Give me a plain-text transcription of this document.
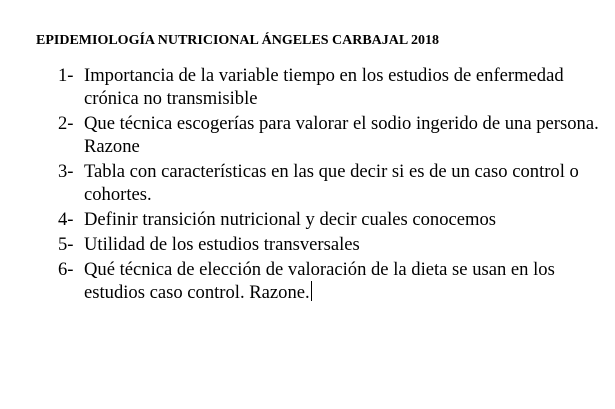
EPIDEMIOLOGÍA NUTRICIONAL ÁNGELES CARBAJAL 2018
1- Importancia de la variable tiempo en los estudios de enfermedad crónica no transmisible
2- Que técnica escogerías para valorar el sodio ingerido de una persona. Razone
3- Tabla con características en las que decir si es de un caso control o cohortes.
4- Definir transición nutricional y decir cuales conocemos
5- Utilidad de los estudios transversales
6- Qué técnica de elección de valoración de la dieta se usan en los estudios caso control. Razone.
